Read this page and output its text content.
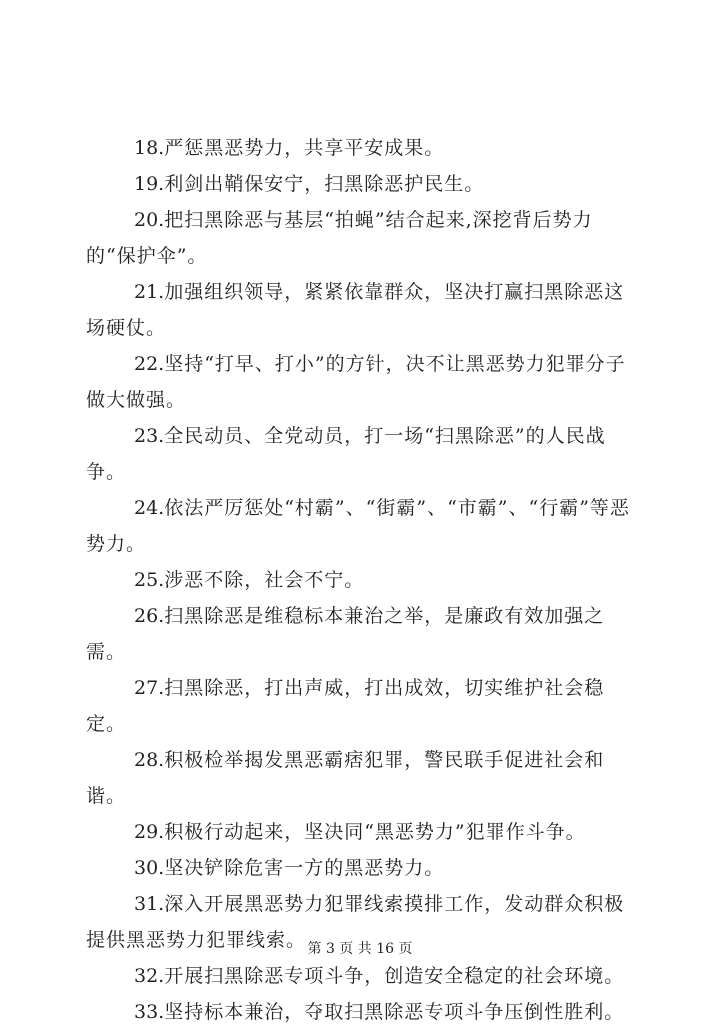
18.严惩黑恶势力，共享平安成果。

19.利剑出鞘保安宁，扫黑除恶护民生。

20.把扫黑除恶与基层“拍蝇”结合起来,深挖背后势力的“保护伞”。

21.加强组织领导，紧紧依靠群众，坚决打赢扫黑除恶这场硬仗。

22.坚持“打早、打小”的方针，决不让黑恶势力犯罪分子做大做强。

23.全民动员、全党动员，打一场“扫黑除恶”的人民战争。

24.依法严厉惩处“村霸”、“街霸”、“市霸”、“行霸”等恶势力。

25.涉恶不除，社会不宁。

26.扫黑除恶是维稳标本兼治之举，是廉政有效加强之需。

27.扫黑除恶，打出声威，打出成效，切实维护社会稳定。

28.积极检举揭发黑恶霸痞犯罪，警民联手促进社会和谐。

29.积极行动起来，坚决同“黑恶势力”犯罪作斗争。

30.坚决铲除危害一方的黑恶势力。

31.深入开展黑恶势力犯罪线索摸排工作，发动群众积极提供黑恶势力犯罪线索。

32.开展扫黑除恶专项斗争，创造安全稳定的社会环境。

33.坚持标本兼治，夺取扫黑除恶专项斗争压倒性胜利。

第 3 页 共 16 页
